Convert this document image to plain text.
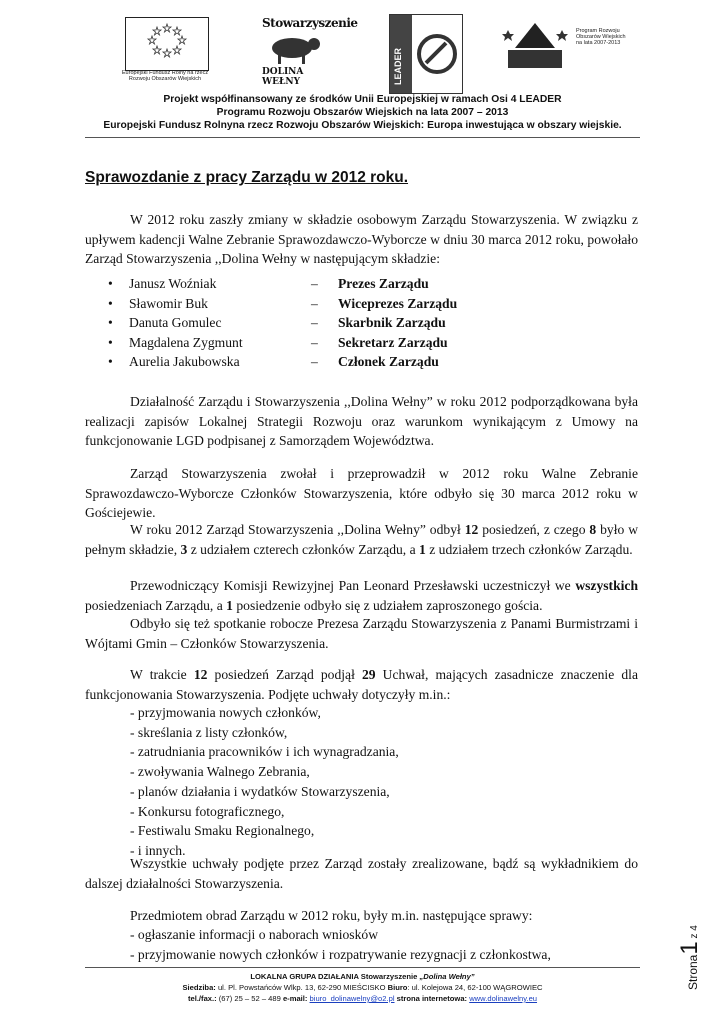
Europejski Fundusz Rolny na rzecz Rozwoju Obszarów Wiejskich
Stowarzyszenie
DOLINA WEŁNY	LEADER
Program Rozwoju Obszarów Wiejskich na lata 2007-2013
Projekt współfinansowany ze środków Unii Europejskiej w ramach Osi 4 LEADER
Programu Rozwoju Obszarów Wiejskich na lata 2007 – 2013
Europejski Fundusz Rolnyna rzecz Rozwoju Obszarów Wiejskich: Europa inwestująca w obszary wiejskie.
Sprawozdanie z pracy Zarządu w 2012 roku.
W 2012 roku zaszły zmiany w składzie osobowym Zarządu Stowarzyszenia. W związku z upływem kadencji Walne Zebranie Sprawozdawczo-Wyborcze w dniu 30 marca 2012 roku, powołało Zarząd Stowarzyszenia ,,Dolina Wełny w następującym składzie:
• Janusz Woźniak	– Prezes Zarządu
• Sławomir Buk	– Wiceprezes Zarządu
• Danuta Gomulec	– Skarbnik Zarządu
• Magdalena Zygmunt	– Sekretarz Zarządu
• Aurelia Jakubowska	– Członek Zarządu
Działalność Zarządu i Stowarzyszenia ,,Dolina Wełny” w roku 2012 podporządkowana była realizacji zapisów Lokalnej Strategii Rozwoju oraz warunkom wynikającym z Umowy na funkcjonowanie LGD podpisanej z Samorządem Województwa.
Zarząd Stowarzyszenia zwołał i przeprowadził w 2012 roku Walne Zebranie Sprawozdawczo-Wyborcze Członków Stowarzyszenia, które odbyło się 30 marca 2012 roku w Gościejewie.
W roku 2012 Zarząd Stowarzyszenia ,,Dolina Wełny” odbył 12 posiedzeń, z czego 8 było w pełnym składzie, 3 z udziałem czterech członków Zarządu, a 1 z udziałem trzech członków Zarządu.
Przewodniczący Komisji Rewizyjnej Pan Leonard Przesławski uczestniczył we wszystkich posiedzeniach Zarządu, a 1 posiedzenie odbyło się z udziałem zaproszonego gościa.
Odbyło się też spotkanie robocze Prezesa Zarządu Stowarzyszenia z Panami Burmistrzami i Wójtami Gmin – Członków Stowarzyszenia.
W trakcie 12 posiedzeń Zarząd podjął 29 Uchwał, mających zasadnicze znaczenie dla funkcjonowania Stowarzyszenia. Podjęte uchwały dotyczyły m.in.:
- przyjmowania nowych członków,
- skreślania z listy członków,
- zatrudniania pracowników i ich wynagradzania,
- zwoływania Walnego Zebrania,
- planów działania i wydatków Stowarzyszenia,
- Konkursu fotograficznego,
- Festiwalu Smaku Regionalnego,
- i innych.
Wszystkie uchwały podjęte przez Zarząd zostały zrealizowane, bądź są wykładnikiem do dalszej działalności Stowarzyszenia.
Przedmiotem obrad Zarządu w 2012 roku, były m.in. następujące sprawy:
- ogłaszanie informacji o naborach wniosków
- przyjmowanie nowych członków i rozpatrywanie rezygnacji z członkostwa,
LOKALNA GRUPA DZIAŁANIA Stowarzyszenie „Dolina Wełny”
Siedziba: ul. Pl. Powstańców Wlkp. 13, 62-290 MIEŚCISKO Biuro: ul. Kolejowa 24, 62-100 WĄGROWIEC
tel./fax.: (67) 25 – 52 – 489 e-mail: biuro_dolinawelny@o2.pl strona internetowa: www.dolinawelny.eu
Strona1 z 4
